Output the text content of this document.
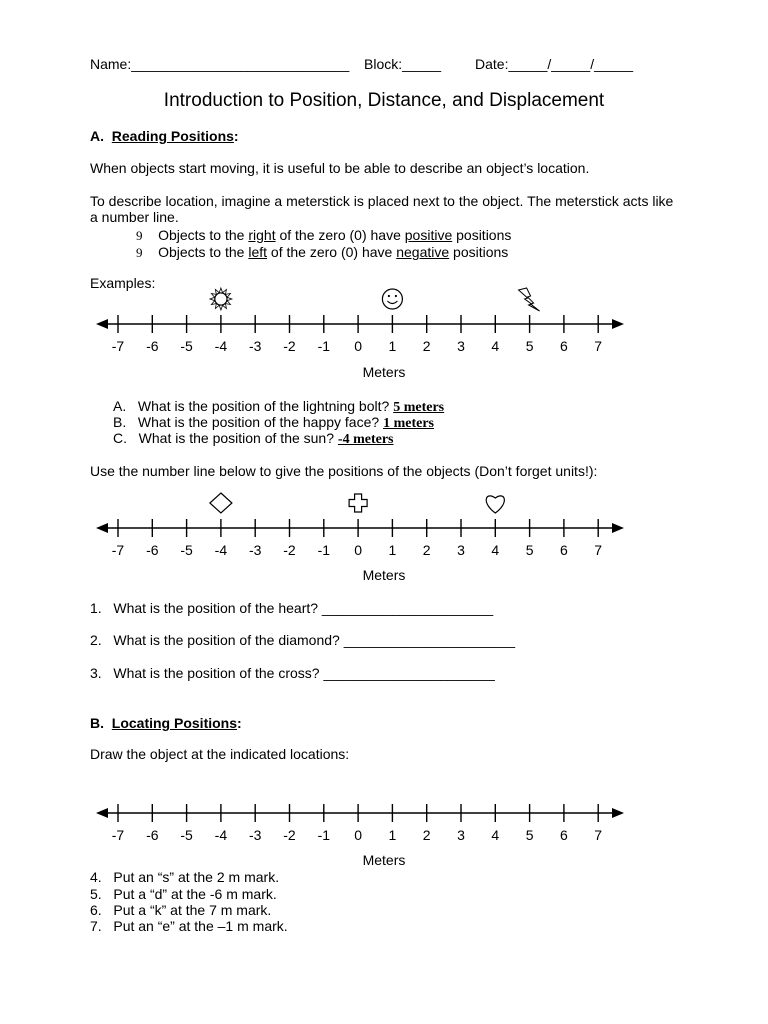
Name:____________________________ Block:_____ Date:_____/_____/_____
Introduction to Position, Distance, and Displacement
A. Reading Positions:
When objects start moving, it is useful to be able to describe an object’s location.
To describe location, imagine a meterstick is placed next to the object. The meterstick acts like
a number line.
9 Objects to the right of the zero (0) have positive positions
9 Objects to the left of the zero (0) have negative positions
Examples:
-7 -6 -5 -4 -3 -2 -1 0 1 2 3 4 5 6 7
Meters
A. What is the position of the lightning bolt? 5 meters
B. What is the position of the happy face? 1 meters
C. What is the position of the sun? -4 meters
Use the number line below to give the positions of the objects (Don’t forget units!):
-7 -6 -5 -4 -3 -2 -1 0 1 2 3 4 5 6 7
Meters
1. What is the position of the heart? ______________________
2. What is the position of the diamond? ______________________
3. What is the position of the cross? ______________________
B. Locating Positions:
Draw the object at the indicated locations:
-7 -6 -5 -4 -3 -2 -1 0 1 2 3 4 5 6 7
Meters
4. Put an “s” at the 2 m mark.
5. Put a “d” at the -6 m mark.
6. Put a “k” at the 7 m mark.
7. Put an “e” at the –1 m mark.
